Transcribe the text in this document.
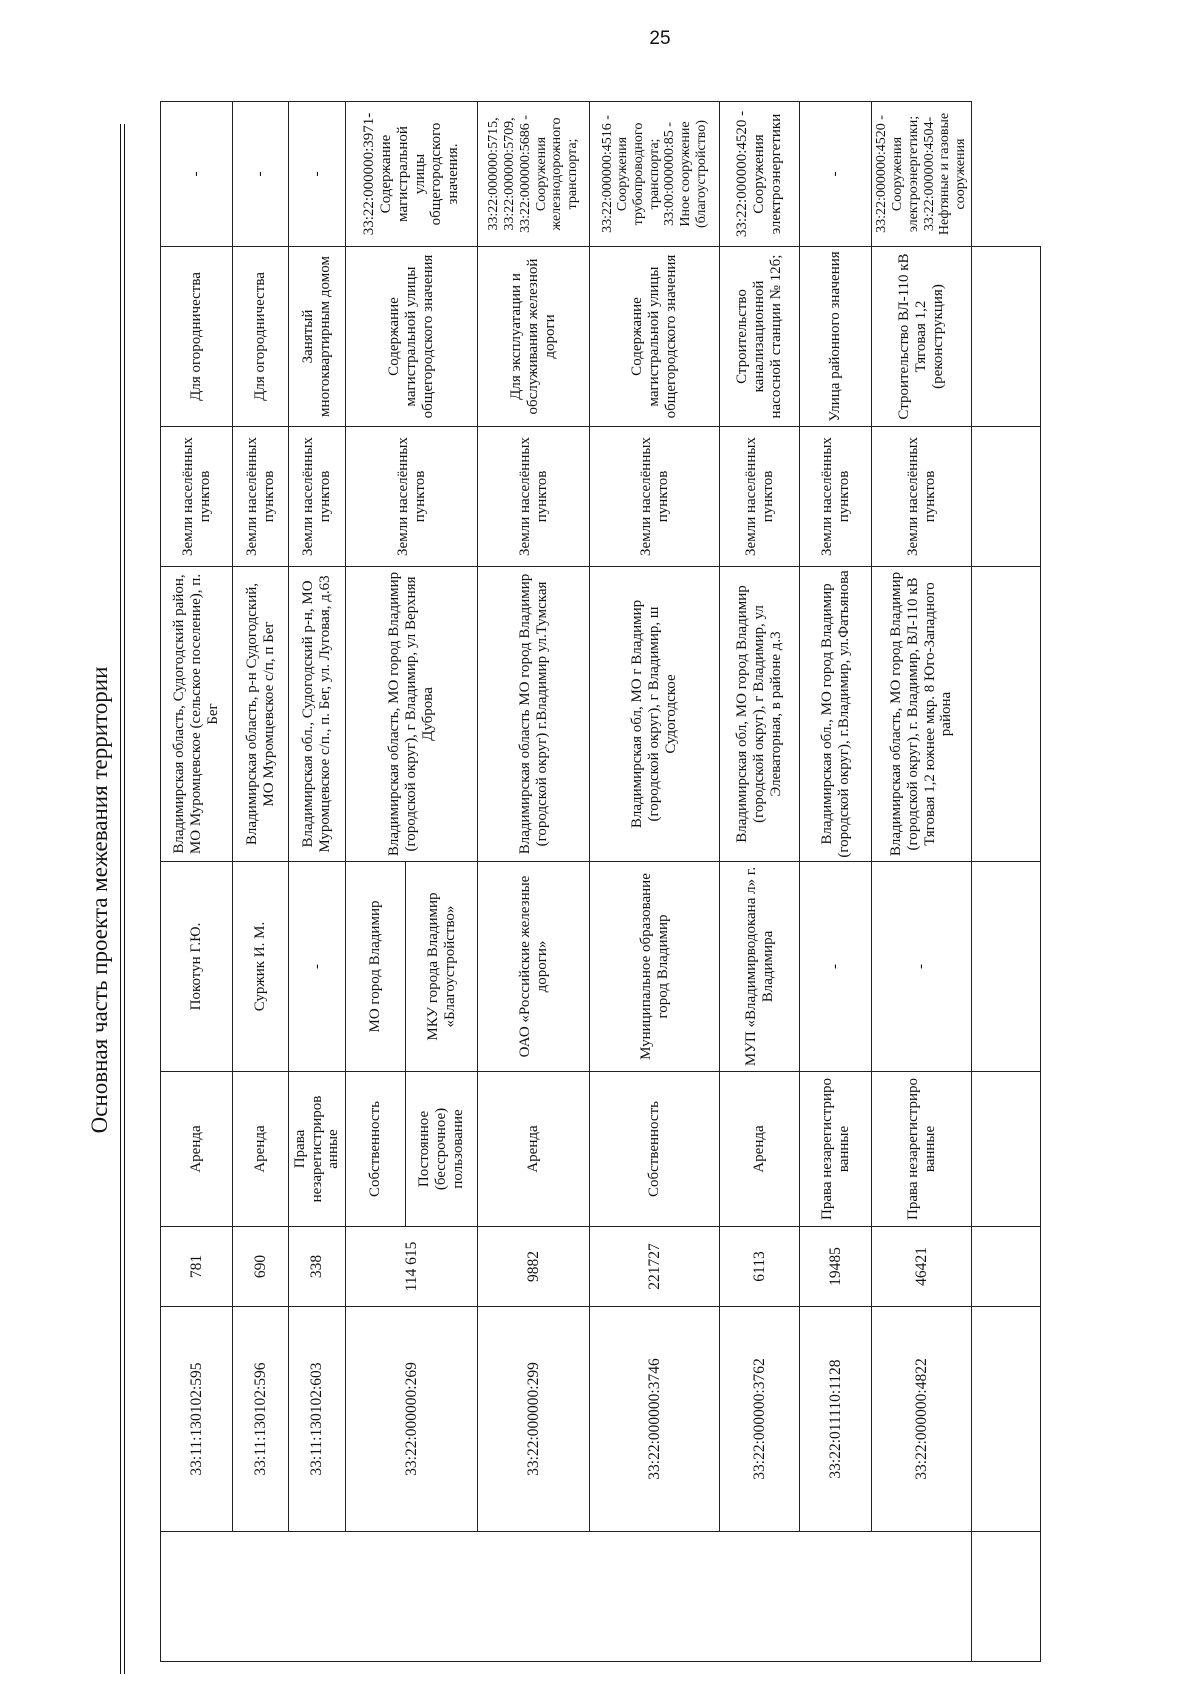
25
Основная часть проекта межевания территории
	33:11:130102:595	781	Аренда	Покотун Г.Ю.	Владимирская область, Судогодский район, МО Муромцевское (сельское поселение), п. Бег	Земли населённых пунктов	Для огородничества	-
	33:11:130102:596	690	Аренда	Суржик И. М.	Владимирская область, р-н Судогодский, МО Муромцевское с/п, п Бег	Земли населённых пунктов	Для огородничества	-
	33:11:130102:603	338	Права незарегистриров анные	-	Владимирская обл., Судогодский р-н, МО Муромцевское с/п., п. Бег, ул. Луговая, д.63	Земли населённых пунктов	Занятый многоквартирным домом	-
	33:22:000000:269	114 615	Собственность	МО город Владимир	Владимирская область, МО город Владимир (городской округ), г Владимир, ул Верхняя Дуброва	Земли населённых пунктов	Содержание магистральной улицы общегородского значения	33:22:000000:3971- Содержание магистральной улицы общегородского значения.
			Постоянное (бессрочное) пользование	МКУ города Владимир «Благоустройство»				
	33:22:000000:299	9882	Аренда	ОАО «Российские железные дороги»	Владимирская область МО город Владимир (городской округ) г.Владимир ул.Тумская	Земли населённых пунктов	Для эксплуатации и обслуживания железной дороги	33:22:000000:5715, 33:22:000000:5709, 33:22:000000:5686 - Сооружения железнодорожного транспорта;
	33:22:000000:3746	221727	Собственность	Муниципальное образование город Владимир	Владимирская обл, МО г Владимир (городской округ), г Владимир, ш Судогодское	Земли населённых пунктов	Содержание магистральной улицы общегородского значения	33:22:000000:4516 - Сооружения трубопроводного транспорта; 33:00:000000:85 - Иное сооружение (благоустройство)
	33:22:000000:3762	6113	Аренда	МУП «Владимирводокана л» г. Владимира	Владимирская обл, МО город Владимир (городской округ), г Владимир, ул Элеваторная, в районе д.3	Земли населённых пунктов	Строительство канализационной насосной станции № 12б;	33:22:000000:4520 - Сооружения электроэнергетики
	33:22:011110:1128	19485	Права незарегистриро ванные	-	Владимирская обл., МО город Владимир (городской округ), г.Владимир, ул.Фатьянова	Земли населённых пунктов	Улица районного значения	-
	33:22:000000:4822	46421	Права незарегистриро ванные	-	Владимирская область, МО город Владимир (городской округ), г. Владимир, ВЛ-110 кВ Тяговая 1,2 южнее мкр. 8 Юго-Западного района	Земли населённых пунктов	Строительство ВЛ-110 кВ Тяговая 1,2 (реконструкция)	33:22:000000:4520 - Сооружения электроэнергетики; 33:22:000000:4504- Нефтяные и газовые сооружения
